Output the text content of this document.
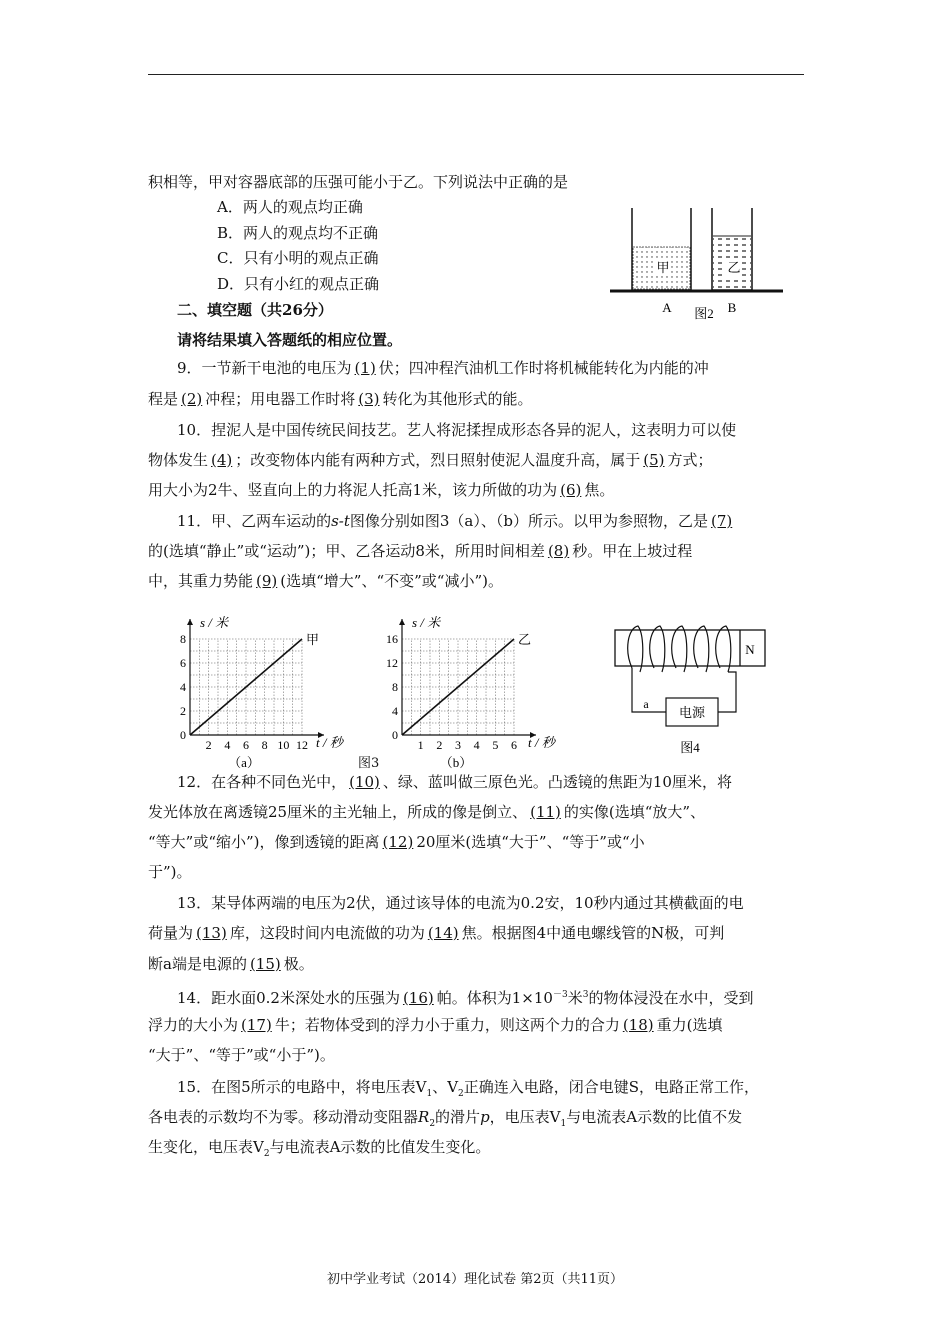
积相等，甲对容器底部的压强可能小于乙。下列说法中正确的是
A．两人的观点均正确
B．两人的观点均不正确
C．只有小明的观点正确
D．只有小红的观点正确
甲	乙
A 图2 B
二、填空题（共26分）
请将结果填入答题纸的相应位置。
9．一节新干电池的电压为 (1) 伏；四冲程汽油机工作时将机械能转化为内能的冲
程是 (2) 冲程；用电器工作时将 (3) 转化为其他形式的能。
10．捏泥人是中国传统民间技艺。艺人将泥揉捏成形态各异的泥人，这表明力可以使
物体发生 (4) ；改变物体内能有两种方式，烈日照射使泥人温度升高，属于 (5) 方式；
用大小为2牛、竖直向上的力将泥人托高1米，该力所做的功为 (6) 焦。
11．甲、乙两车运动的s-t图像分别如图3（a）、（b）所示。以甲为参照物，乙是 (7)
的(选填“静止”或“运动”)；甲、乙各运动8米，所用时间相差 (8) 秒。甲在上坡过程
中，其重力势能 (9) (选填“增大”、“不变”或“减小”)。
s / 米
t / 秒
0
2
4
6
8
2 4 6 8 10 12
甲
（a）
s / 米
t / 秒
0
4
8
12
16
1 2 3 4 5 6
乙
（b）
图3
N
a
电源
图4
12．在各种不同色光中， (10) 、绿、蓝叫做三原色光。凸透镜的焦距为10厘米，将
发光体放在离透镜25厘米的主光轴上，所成的像是倒立、 (11) 的实像(选填“放大”、
“等大”或“缩小”)，像到透镜的距离 (12) 20厘米(选填“大于”、“等于”或“小
于”)。
13．某导体两端的电压为2伏，通过该导体的电流为0.2安，10秒内通过其横截面的电
荷量为 (13) 库，这段时间内电流做的功为 (14) 焦。根据图4中通电螺线管的N极，可判
断a端是电源的 (15) 极。
14．距水面0.2米深处水的压强为 (16) 帕。体积为$1\times 10^{-3}$米$^3$的物体浸没在水中，受到
浮力的大小为 (17) 牛；若物体受到的浮力小于重力，则这两个力的合力 (18) 重力(选填
“大于”、“等于”或“小于”)。
15．在图5所示的电路中，将电压表$V_1$、$V_2$正确连入电路，闭合电键S，电路正常工作，
各电表的示数均不为零。移动滑动变阻器$R_2$的滑片p，电压表$V_1$与电流表A示数的比值不发
生变化，电压表$V_2$与电流表A示数的比值发生变化。
初中学业考试（2014）理化试卷 第2页（共11页）
